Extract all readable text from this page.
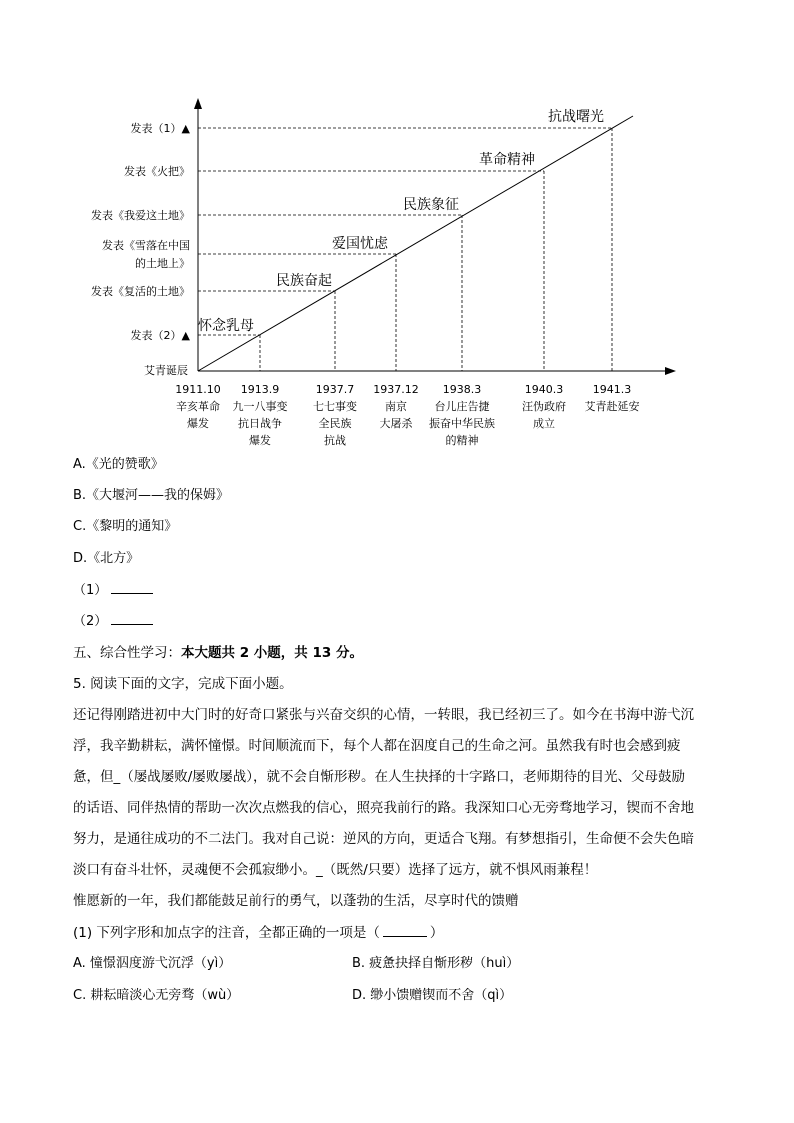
艾青诞辰
发表（2）▲
发表《复活的土地》
发表《雪落在中国
的土地上》
发表《我爱这土地》
发表《火把》
发表（1）▲
1911.10
辛亥革命
爆发
1913.9
九一八事变
抗日战争
爆发
1937.7
七七事变
全民族
抗战
1937.12
南京
大屠杀
1938.3
台儿庄告捷
振奋中华民族
的精神
1940.3
汪伪政府
成立
1941.3
艾青赴延安
怀念乳母
民族奋起
爱国忧虑
民族象征
革命精神
抗战曙光
A.《光的赞歌》
B.《大堰河——我的保姆》
C.《黎明的通知》
D.《北方》
（1）
（2）
五、综合性学习：本大题共 2 小题，共 13 分。
5. 阅读下面的文字，完成下面小题。
还记得刚踏进初中大门时的好奇口紧张与兴奋交织的心情，一转眼，我已经初三了。如今在书海中游弋沉
浮，我辛勤耕耘，满怀憧憬。时间顺流而下，每个人都在泅度自己的生命之河。虽然我有时也会感到疲
惫，但_（屡战屡败/屡败屡战），就不会自惭形秽。在人生抉择的十字路口，老师期待的目光、父母鼓励
的话语、同伴热情的帮助一次次点燃我的信心，照亮我前行的路。我深知口心无旁骛地学习，锲而不舍地
努力，是通往成功的不二法门。我对自己说：逆风的方向，更适合飞翔。有梦想指引，生命便不会失色暗
淡口有奋斗壮怀，灵魂便不会孤寂缈小。_（既然/只要）选择了远方，就不惧风雨兼程！
惟愿新的一年，我们都能鼓足前行的勇气，以蓬勃的生活，尽享时代的馈赠
(1) 下列字形和加点字的注音，全都正确的一项是（	）
A. 憧憬泅度游弋沉浮（yì）	B. 疲惫抉择自惭形秽（huì）
C. 耕耘暗淡心无旁骛（wù）	D. 缈小馈赠锲而不舍（qì）
